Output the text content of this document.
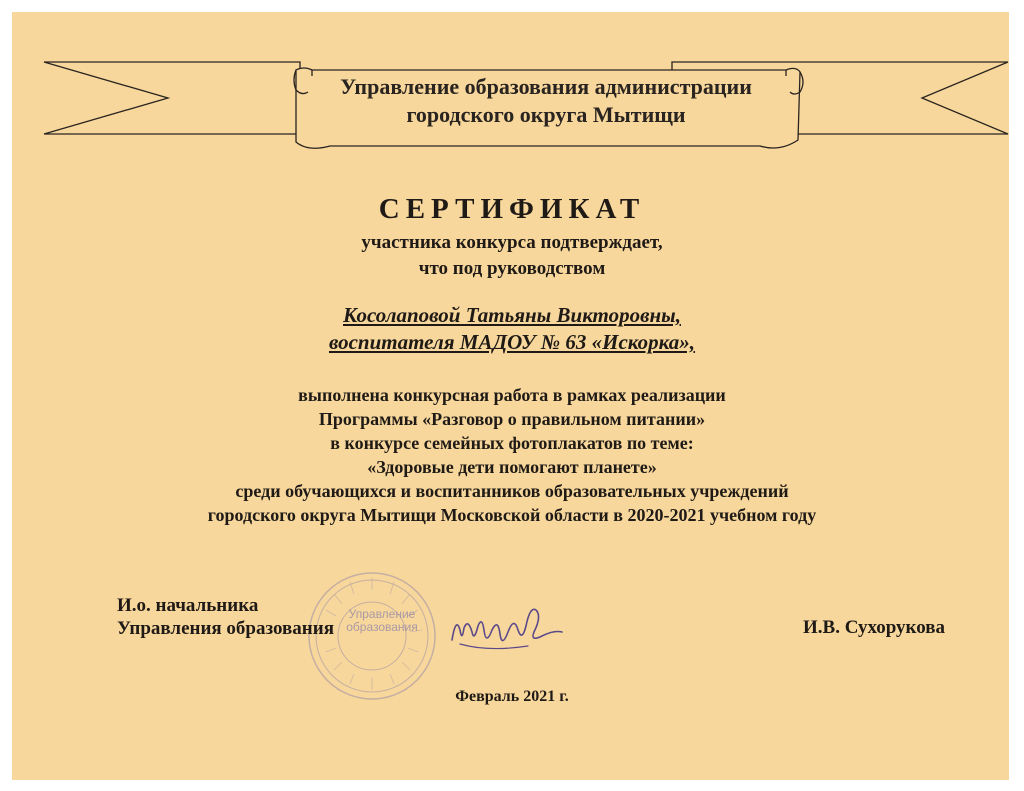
Управление образования администрации
городского округа Мытищи
СЕРТИФИКАТ
участника конкурса подтверждает,
что под руководством
Косолаповой Татьяны Викторовны,
воспитателя МАДОУ № 63 «Искорка»,
выполнена конкурсная работа в рамках реализации
Программы «Разговор о правильном питании»
в конкурсе семейных фотоплакатов по теме:
«Здоровые дети помогают планете»
среди обучающихся и воспитанников образовательных учреждений
городского округа Мытищи Московской области в 2020-2021 учебном году
Управление
образования
И.о. начальника
Управления образования	И.В. Сухорукова
Февраль 2021 г.
